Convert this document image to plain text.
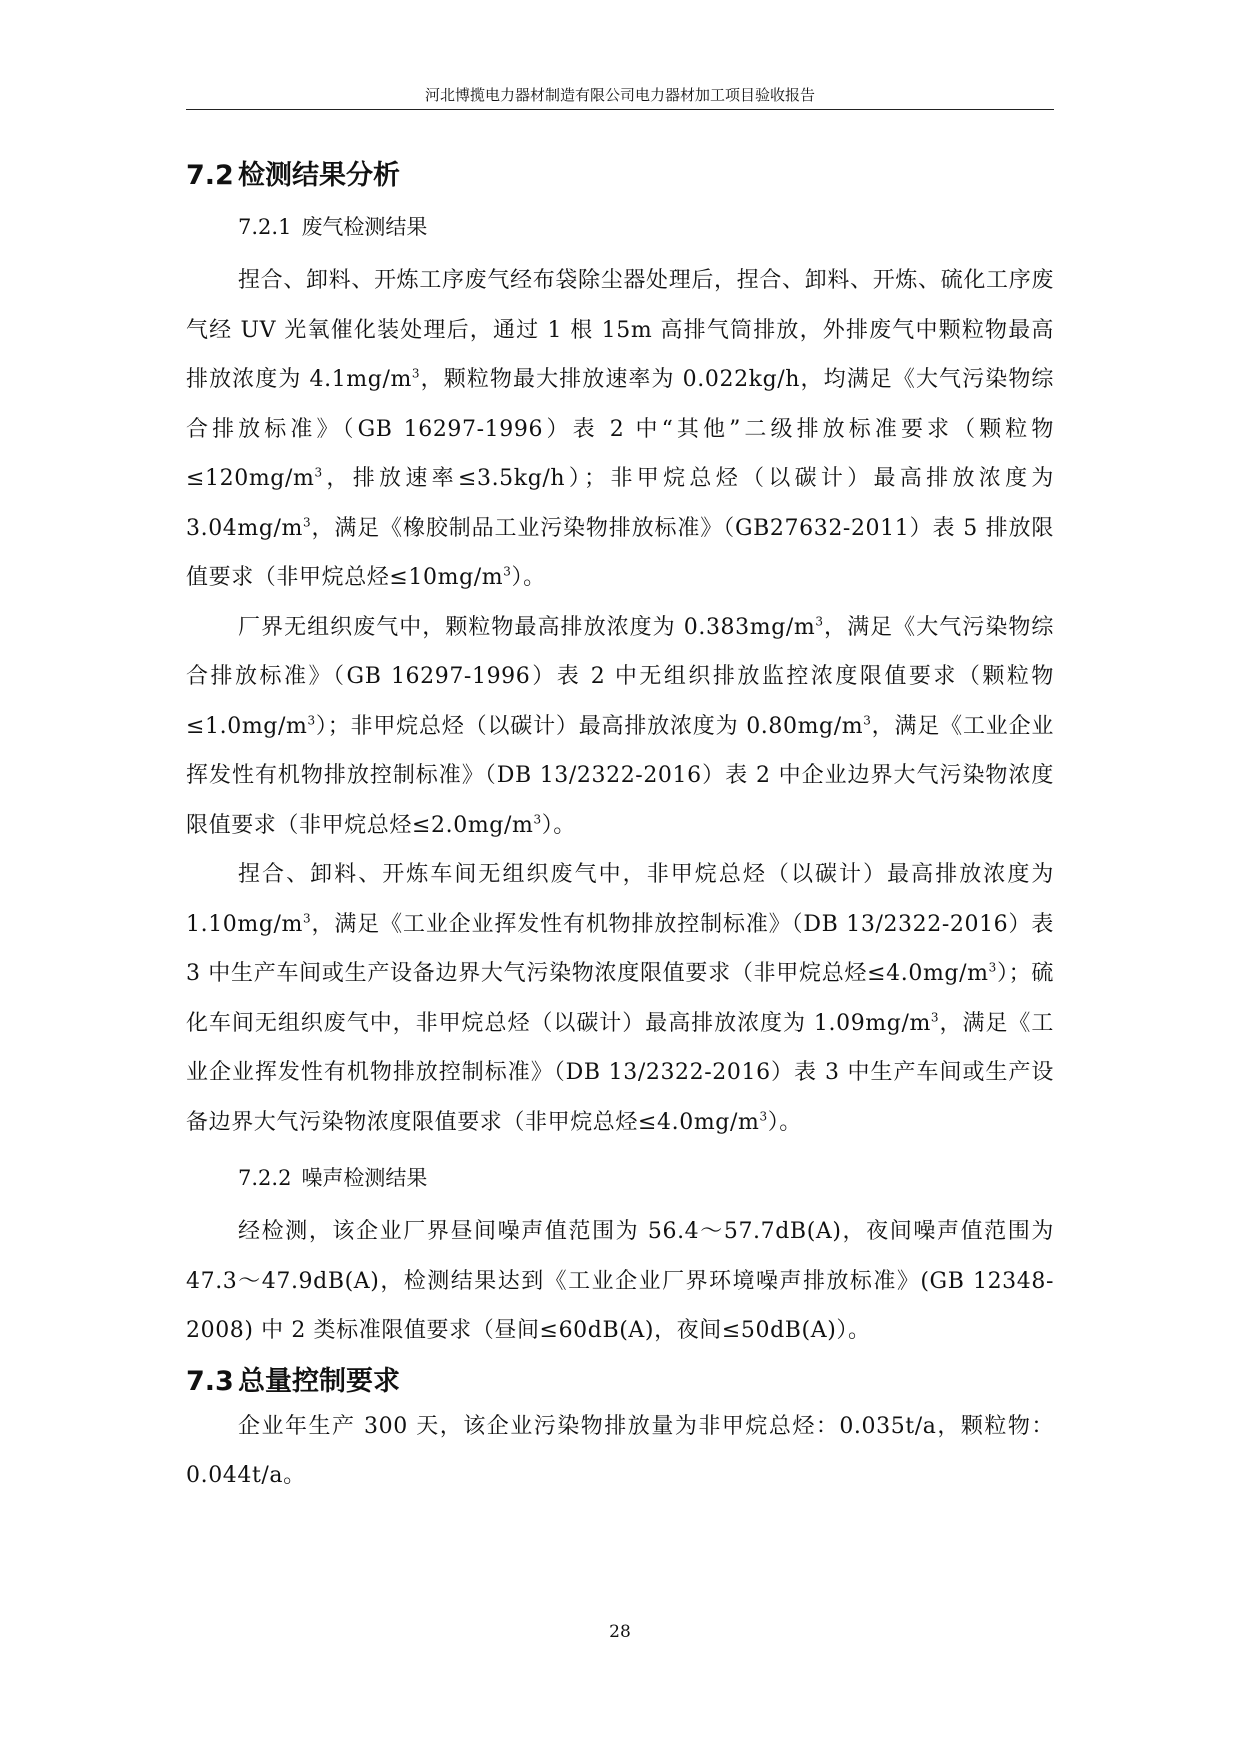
河北博揽电力器材制造有限公司电力器材加工项目验收报告
7.2 检测结果分析
7.2.1 废气检测结果

捏合、卸料、开炼工序废气经布袋除尘器处理后，捏合、卸料、开炼、硫化工序废气经 UV 光氧催化装处理后，通过 1 根 15m 高排气筒排放，外排废气中颗粒物最高排放浓度为 $4.1mg/m^3$，颗粒物最大排放速率为 0.022kg/h，均满足《大气污染物综合排放标准》（GB 16297-1996）表 2 中“其他”二级排放标准要求（颗粒物$\le 120mg/m^3$，排放速率≤3.5kg/h）；非甲烷总烃（以碳计）最高排放浓度为 $3.04mg/m^3$，满足《橡胶制品工业污染物排放标准》（GB27632-2011）表 5 排放限值要求（非甲烷总烃$\le 10mg/m^3$）。

厂界无组织废气中，颗粒物最高排放浓度为 $0.383mg/m^3$，满足《大气污染物综合排放标准》（GB 16297-1996）表 2 中无组织排放监控浓度限值要求（颗粒物$\le 1.0mg/m^3$）；非甲烷总烃（以碳计）最高排放浓度为 $0.80mg/m^3$，满足《工业企业挥发性有机物排放控制标准》（DB 13/2322-2016）表 2 中企业边界大气污染物浓度限值要求（非甲烷总烃$\le 2.0mg/m^3$）。

捏合、卸料、开炼车间无组织废气中，非甲烷总烃（以碳计）最高排放浓度为 $1.10mg/m^3$，满足《工业企业挥发性有机物排放控制标准》（DB 13/2322-2016）表 3 中生产车间或生产设备边界大气污染物浓度限值要求（非甲烷总烃$\le 4.0mg/m^3$）；硫化车间无组织废气中，非甲烷总烃（以碳计）最高排放浓度为 $1.09mg/m^3$，满足《工业企业挥发性有机物排放控制标准》（DB 13/2322-2016）表 3 中生产车间或生产设备边界大气污染物浓度限值要求（非甲烷总烃$\le 4.0mg/m^3$）。

7.2.2 噪声检测结果

经检测，该企业厂界昼间噪声值范围为 56.4～57.7dB(A)，夜间噪声值范围为 47.3～47.9dB(A)，检测结果达到《工业企业厂界环境噪声排放标准》(GB 12348-2008) 中 2 类标准限值要求（昼间≤60dB(A)，夜间≤50dB(A)）。

7.3 总量控制要求

企业年生产 300 天，该企业污染物排放量为非甲烷总烃：0.035t/a，颗粒物：0.044t/a。

28
